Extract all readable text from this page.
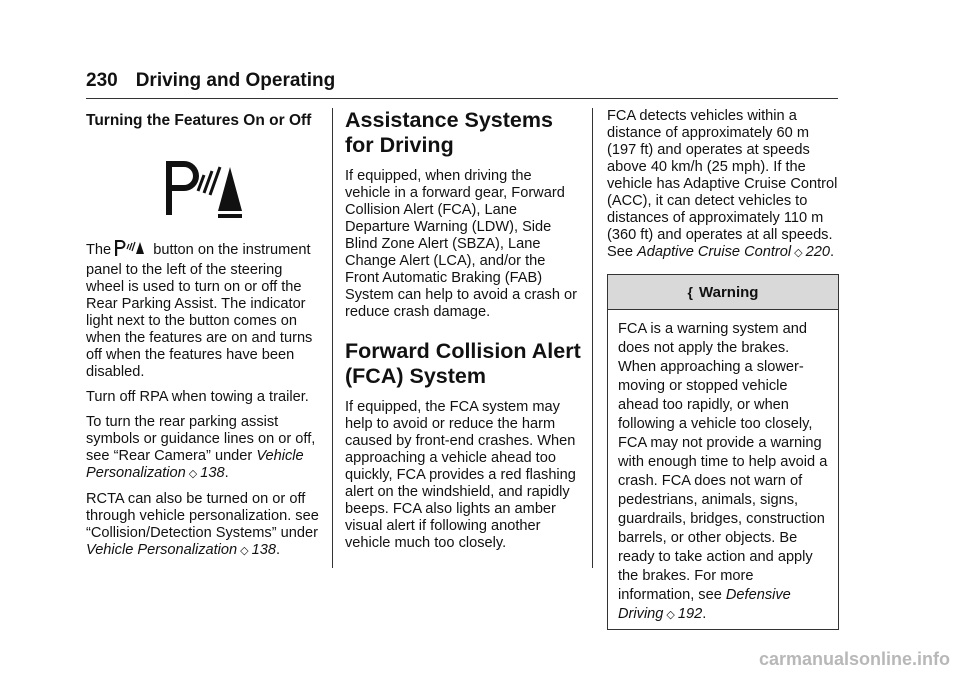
230 Driving and Operating
Turning the Features On or Off

The	button on the instrument panel to the left of the steering wheel is used to turn on or off the Rear Parking Assist. The indicator light next to the button comes on when the features are on and turns off when the features have been disabled.

Turn off RPA when towing a trailer.

To turn the rear parking assist symbols or guidance lines on or off, see “Rear Camera” under Vehicle Personalization ◇ 138.

RCTA can also be turned on or off through vehicle personalization. see “Collision/Detection Systems” under Vehicle Personalization ◇ 138.

Assistance Systems for Driving

If equipped, when driving the vehicle in a forward gear, Forward Collision Alert (FCA), Lane Departure Warning (LDW), Side Blind Zone Alert (SBZA), Lane Change Alert (LCA), and/or the Front Automatic Braking (FAB) System can help to avoid a crash or reduce crash damage.

Forward Collision Alert (FCA) System

If equipped, the FCA system may help to avoid or reduce the harm caused by front-end crashes. When approaching a vehicle ahead too quickly, FCA provides a red flashing alert on the windshield, and rapidly beeps. FCA also lights an amber visual alert if following another vehicle much too closely.

FCA detects vehicles within a distance of approximately 60 m (197 ft) and operates at speeds above 40 km/h (25 mph). If the vehicle has Adaptive Cruise Control (ACC), it can detect vehicles to distances of approximately 110 m (360 ft) and operates at all speeds. See Adaptive Cruise Control ◇ 220.

{ Warning
FCA is a warning system and does not apply the brakes. When approaching a slower-moving or stopped vehicle ahead too rapidly, or when following a vehicle too closely, FCA may not provide a warning with enough time to help avoid a crash. FCA does not warn of pedestrians, animals, signs, guardrails, bridges, construction barrels, or other objects. Be ready to take action and apply the brakes. For more information, see Defensive Driving ◇ 192.
carmanualsonline.info
